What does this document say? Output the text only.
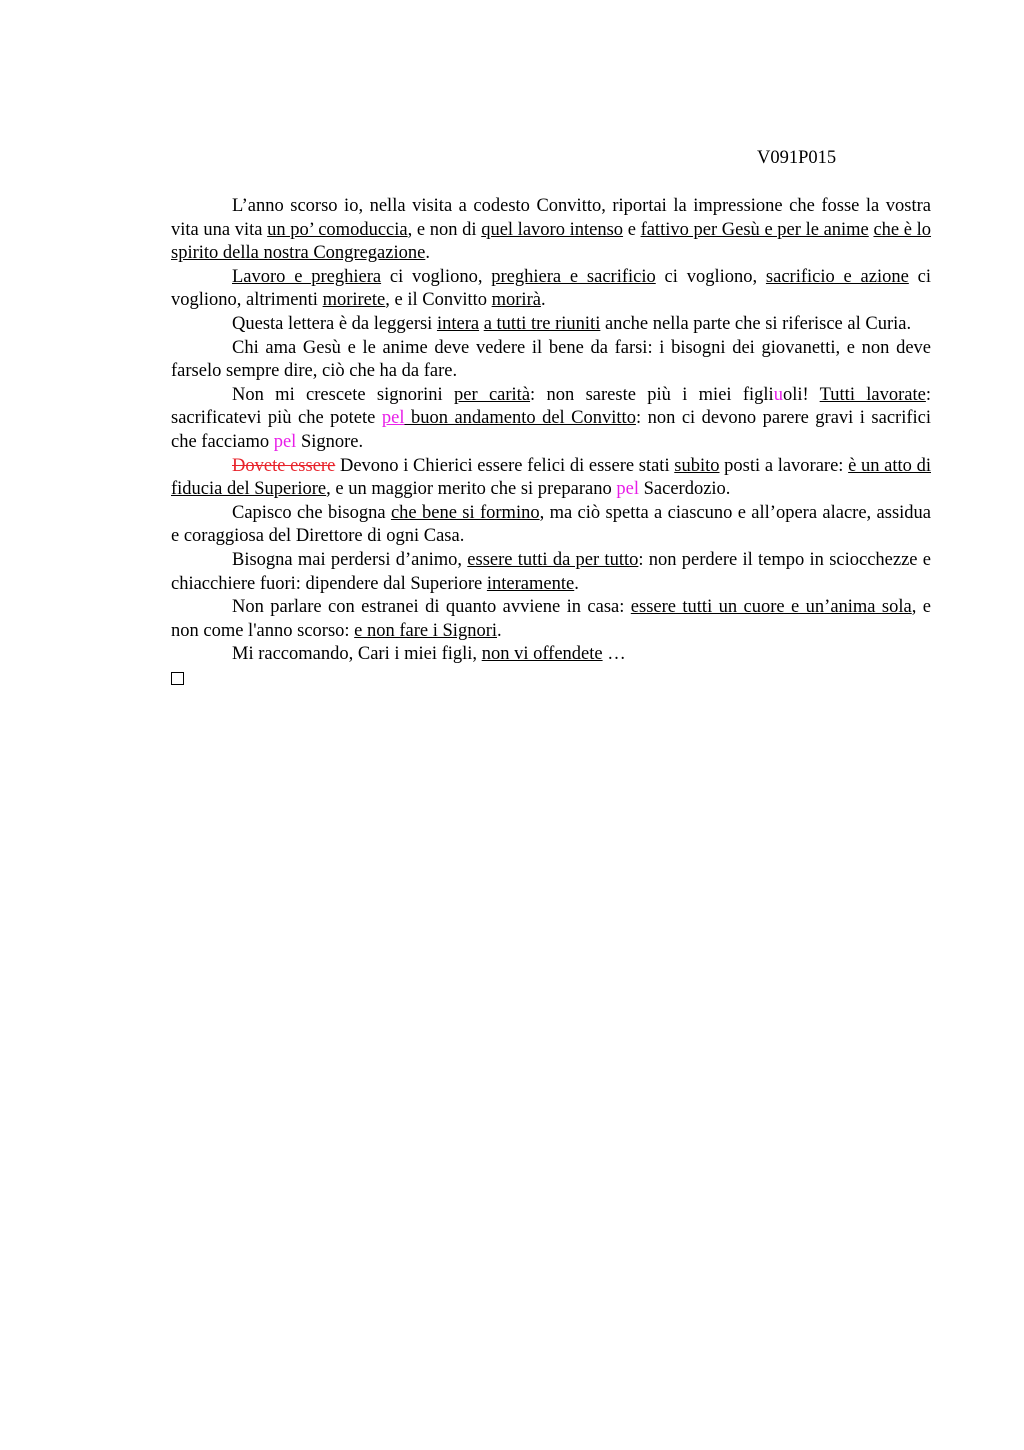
V091P015

L’anno scorso io, nella visita a codesto Convitto, riportai la impressione che fosse la vostra vita una vita un po’ comoduccia, e non di quel lavoro intenso e fattivo per Gesù e per le anime che è lo spirito della nostra Congregazione.

Lavoro e preghiera ci vogliono, preghiera e sacrificio ci vogliono, sacrificio e azione ci vogliono, altrimenti morirete, e il Convitto morirà.

Questa lettera è da leggersi intera a tutti tre riuniti anche nella parte che si riferisce al Curia.

Chi ama Gesù e le anime deve vedere il bene da farsi: i bisogni dei giovanetti, e non deve farselo sempre dire, ciò che ha da fare.

Non mi crescete signorini per carità: non sareste più i miei figliuoli! Tutti lavorate: sacrificatevi più che potete pel buon andamento del Convitto: non ci devono parere gravi i sacrifici che facciamo pel Signore.

Dovete essere Devono i Chierici essere felici di essere stati subito posti a lavorare: è un atto di fiducia del Superiore, e un maggior merito che si preparano pel Sacerdozio.

Capisco che bisogna che bene si formino, ma ciò spetta a ciascuno e all’opera alacre, assidua e coraggiosa del Direttore di ogni Casa.

Bisogna mai perdersi d’animo, essere tutti da per tutto: non perdere il tempo in sciocchezze e chiacchiere fuori: dipendere dal Superiore interamente.

Non parlare con estranei di quanto avviene in casa: essere tutti un cuore e un’anima sola, e non come l'anno scorso: e non fare i Signori.

Mi raccomando, Cari i miei figli, non vi offendete …
